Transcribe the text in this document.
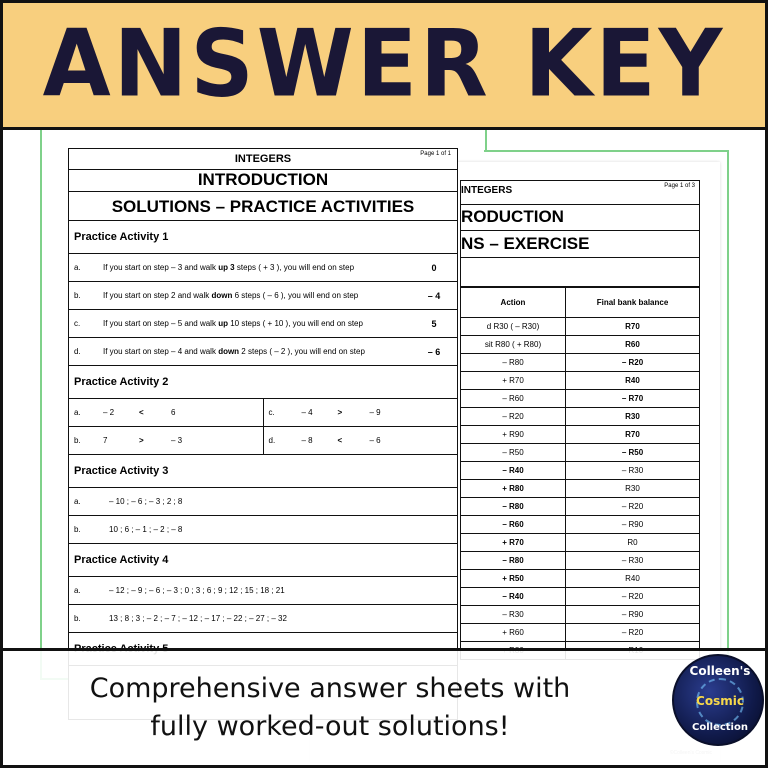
ANSWER KEY
INTEGERS	Page 1 of 3
RODUCTION
NS – EXERCISE
Action	Final bank balance
d R30 ( – R30)	R70
sit R80 ( + R80)	R60
– R80	– R20
+ R70	R40
– R60	– R70
– R20	R30
+ R90	R70
– R50	– R50
– R40	– R30
+ R80	R30
– R80	– R20
– R60	– R90
+ R70	R0
– R80	– R30
+ R50	R40
– R40	– R20
– R30	– R90
+ R60	– R20

INTEGERS	Page 1 of 1
INTRODUCTION
SOLUTIONS – PRACTICE ACTIVITIES
Practice Activity 1
a.	If you start on step – 3 and walk up 3 steps ( + 3 ), you will end on step	0
b.	If you start on step 2 and walk down 6 steps ( – 6 ), you will end on step	– 4
c.	If you start on step – 5 and walk up 10 steps ( + 10 ), you will end on step	5
d.	If you start on step – 4 and walk down 2 steps ( – 2 ), you will end on step	– 6
Practice Activity 2
a.	– 2	<	6	c.	– 4	>	– 9
b.	7	>	– 3	d.	– 8	<	– 6
Practice Activity 3
a.	– 10 ; – 6 ; – 3 ; 2 ; 8
b.	10 ; 6 ; – 1 ; – 2 ; – 8
Practice Activity 4
a.	– 12 ; – 9 ; – 6 ; – 3 ; 0 ; 3 ; 6 ; 9 ; 12 ; 15 ; 18 ; 21
b.	13 ; 8 ; 3 ; – 2 ; – 7 ; – 12 ; – 17 ; – 22 ; – 27 ; – 32
Comprehensive answer sheets with
fully worked-out solutions!
Colleen's
Cosmic
Collection
